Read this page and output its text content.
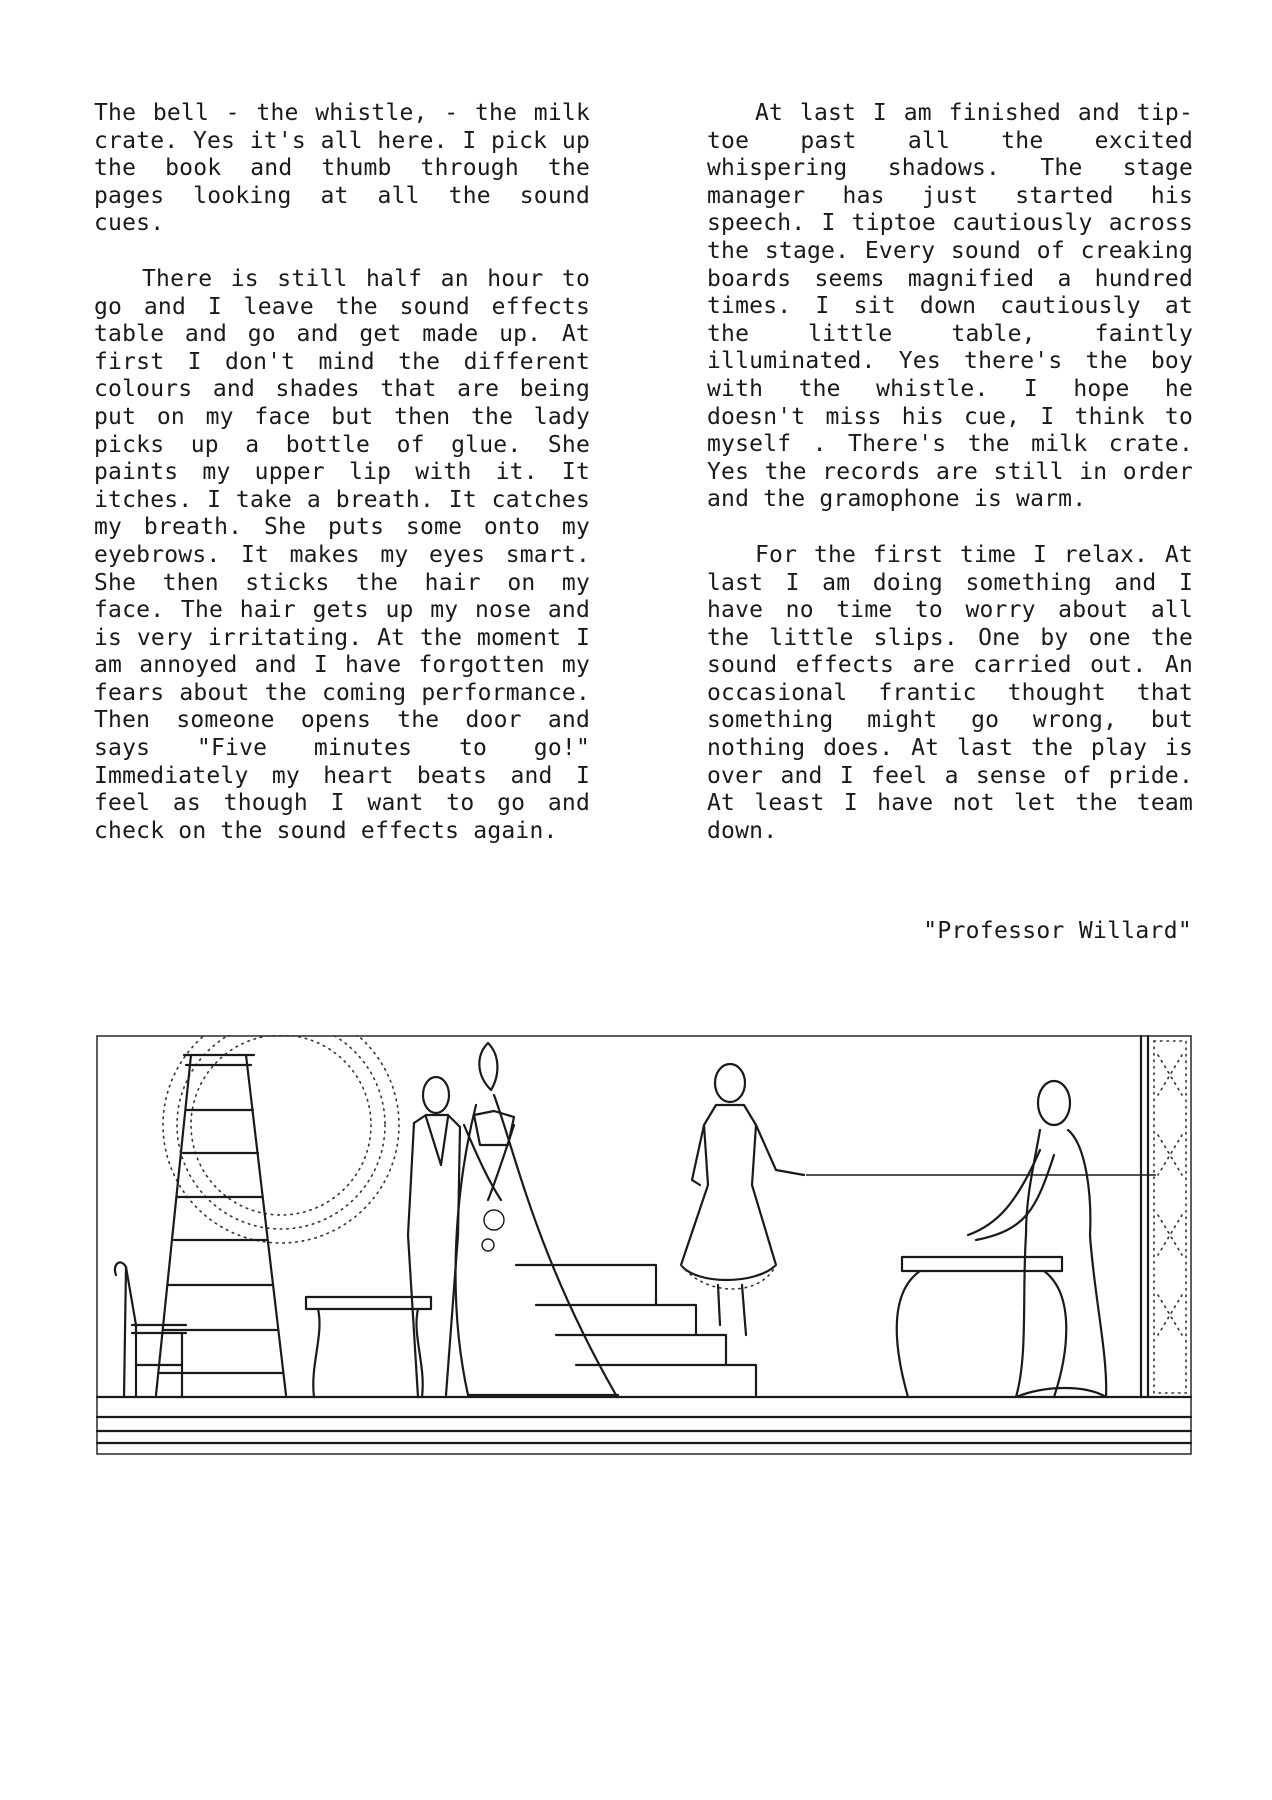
The bell - the whistle, - the milk crate. Yes it's all here. I pick up the book and thumb through the pages looking at all the sound cues.

There is still half an hour to go and I leave the sound effects table and go and get made up. At first I don't mind the different colours and shades that are being put on my face but then the lady picks up a bottle of glue. She paints my upper lip with it. It itches. I take a breath. It catches my breath. She puts some onto my eyebrows. It makes my eyes smart. She then sticks the hair on my face. The hair gets up my nose and is very irritating. At the moment I am annoyed and I have forgotten my fears about the coming performance. Then someone opens the door and says "Five minutes to go!" Immediately my heart beats and I feel as though I want to go and check on the sound effects again.

At last I am finished and tip-toe past all the excited whispering shadows. The stage manager has just started his speech. I tiptoe cautiously across the stage. Every sound of creaking boards seems magnified a hundred times. I sit down cautiously at the little table, faintly illuminated. Yes there's the boy with the whistle. I hope he doesn't miss his cue, I think to myself . There's the milk crate. Yes the records are still in order and the gramophone is warm.

For the first time I relax. At last I am doing something and I have no time to worry about all the little slips. One by one the sound effects are carried out. An occasional frantic thought that something might go wrong, but nothing does. At last the play is over and I feel a sense of pride. At least I have not let the team down.

"Professor Willard"
